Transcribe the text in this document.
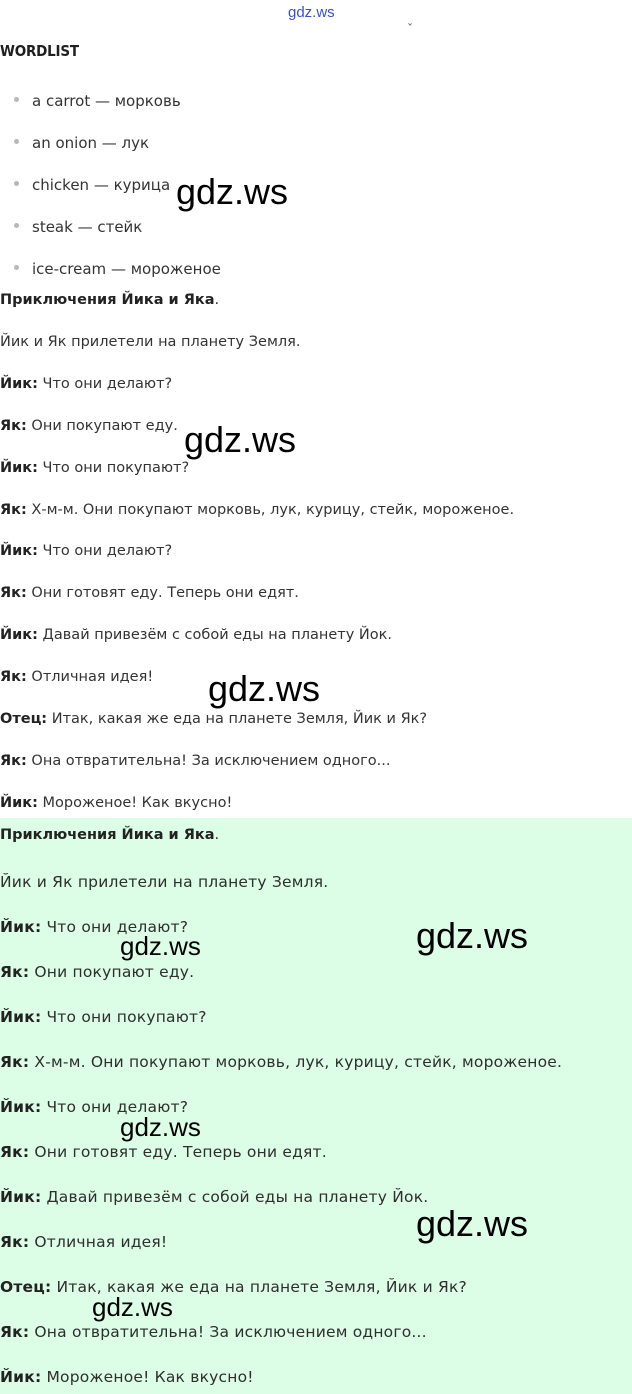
gdz.ws
ˇ
WORDLIST
a carrot — морковь
an onion — лук
chicken — курица
steak — стейк
ice-cream — мороженое
Приключения Йика и Яка.
Йик и Як прилетели на планету Земля.
Йик: Что они делают?
Як: Они покупают еду.
Йик: Что они покупают?
Як: Х-м-м. Они покупают морковь, лук, курицу, стейк, мороженое.
Йик: Что они делают?
Як: Они готовят еду. Теперь они едят.
Йик: Давай привезём с собой еды на планету Йок.
Як: Отличная идея!
Отец: Итак, какая же еда на планете Земля, Йик и Як?
Як: Она отвратительна! За исключением одного...
Йик: Мороженое! Как вкусно!
Приключения Йика и Яка.
Йик и Як прилетели на планету Земля.
Йик: Что они делают?
Як: Они покупают еду.
Йик: Что они покупают?
Як: Х-м-м. Они покупают морковь, лук, курицу, стейк, мороженое.
Йик: Что они делают?
Як: Они готовят еду. Теперь они едят.
Йик: Давай привезём с собой еды на планету Йок.
Як: Отличная идея!
Отец: Итак, какая же еда на планете Земля, Йик и Як?
Як: Она отвратительна! За исключением одного...
Йик: Мороженое! Как вкусно!
gdz.ws
gdz.ws
gdz.ws
gdz.ws
gdz.ws
gdz.ws
gdz.ws
gdz.ws
